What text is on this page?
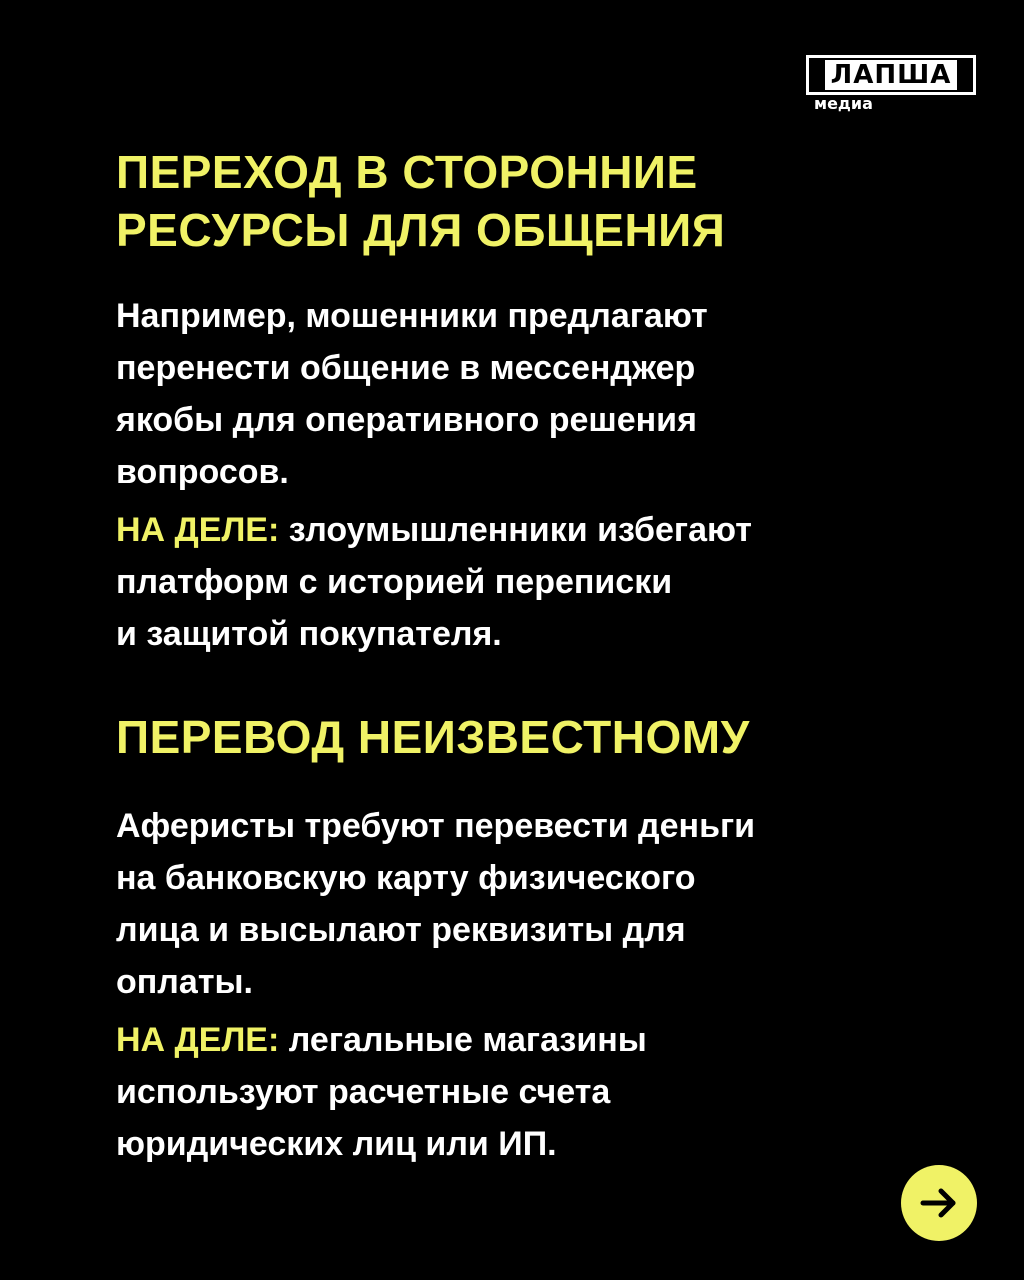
ЛАПША
медиа
ПЕРЕХОД В СТОРОННИЕ
РЕСУРСЫ ДЛЯ ОБЩЕНИЯ

Например, мошенники предлагают
перенести общение в мессенджер
якобы для оперативного решения
вопросов.

НА ДЕЛЕ: злоумышленники избегают
платформ с историей переписки
и защитой покупателя.

ПЕРЕВОД НЕИЗВЕСТНОМУ

Аферисты требуют перевести деньги
на банковскую карту физического
лица и высылают реквизиты для
оплаты.

НА ДЕЛЕ: легальные магазины
используют расчетные счета
юридических лиц или ИП.
